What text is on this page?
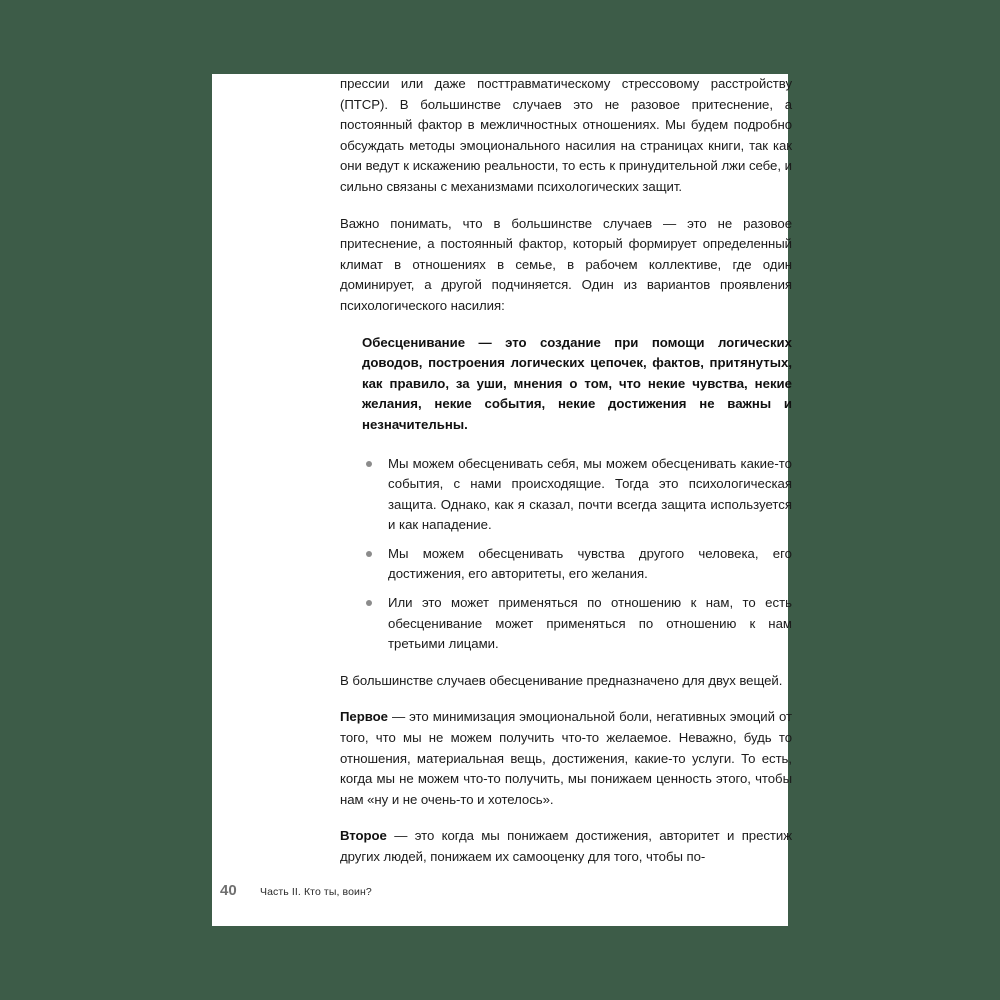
прессии или даже посттравматическому стрессовому расстройству (ПТСР). В большинстве случаев это не разовое притеснение, а постоянный фактор в межличностных отношениях. Мы будем подробно обсуждать методы эмоционального насилия на страницах книги, так как они ведут к искажению реальности, то есть к принудительной лжи себе, и сильно связаны с механизмами психологических защит.

Важно понимать, что в большинстве случаев — это не разовое притеснение, а постоянный фактор, который формирует определенный климат в отношениях в семье, в рабочем коллективе, где один доминирует, а другой подчиняется. Один из вариантов проявления психологического насилия:

Обесценивание — это создание при помощи логических доводов, построения логических цепочек, фактов, притянутых, как правило, за уши, мнения о том, что некие чувства, некие желания, некие события, некие достижения не важны и незначительны.
Мы можем обесценивать себя, мы можем обесценивать какие-то события, с нами происходящие. Тогда это психологическая защита. Однако, как я сказал, почти всегда защита используется и как нападение.
Мы можем обесценивать чувства другого человека, его достижения, его авторитеты, его желания.
Или это может применяться по отношению к нам, то есть обесценивание может применяться по отношению к нам третьими лицами.

В большинстве случаев обесценивание предназначено для двух вещей.

Первое — это минимизация эмоциональной боли, негативных эмоций от того, что мы не можем получить что-то желаемое. Неважно, будь то отношения, материальная вещь, достижения, какие-то услуги. То есть, когда мы не можем что-то получить, мы понижаем ценность этого, чтобы нам «ну и не очень-то и хотелось».

Второе — это когда мы понижаем достижения, авторитет и престиж других людей, понижаем их самооценку для того, чтобы по-

40 Часть II. Кто ты, воин?
